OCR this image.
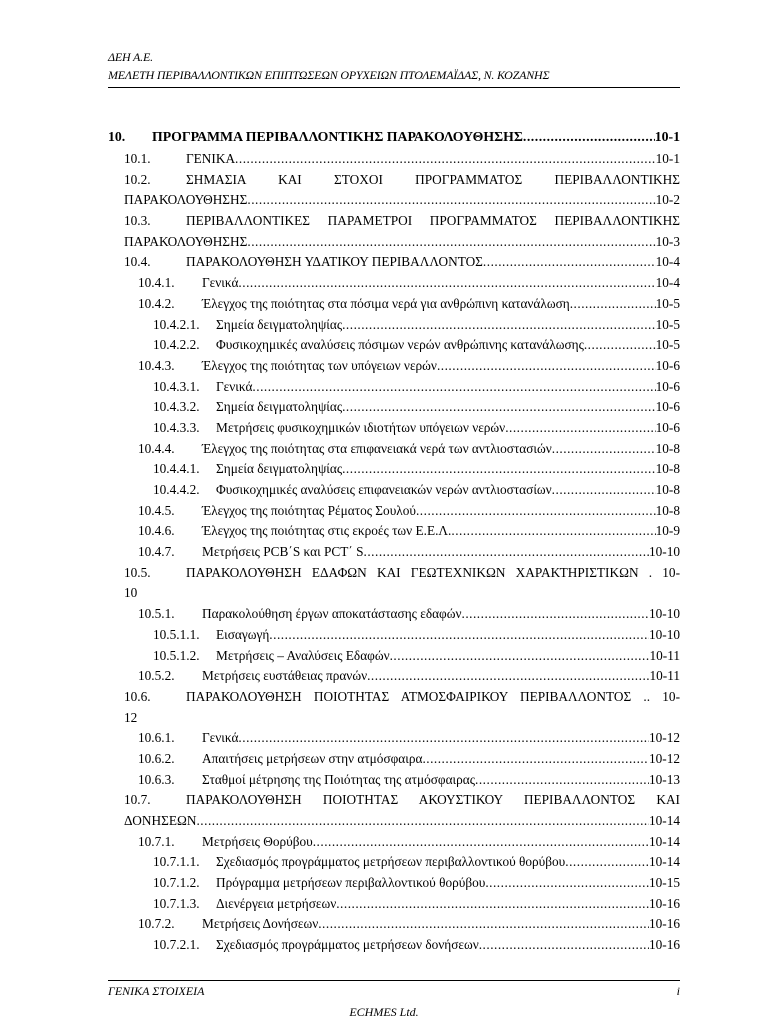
ΔΕΗ Α.Ε.
ΜΕΛΕΤΗ ΠΕΡΙΒΑΛΛΟΝΤΙΚΩΝ ΕΠΙΠΤΩΣΕΩΝ ΟΡΥΧΕΙΩΝ ΠΤΟΛΕΜΑΪΔΑΣ, Ν. ΚΟΖΑΝΗΣ
10. ΠΡΟΓΡΑΜΜΑ ΠΕΡΙΒΑΛΛΟΝΤΙΚΗΣ ΠΑΡΑΚΟΛΟΥΘΗΣΗΣ .....	10-1
10.1.	ΓΕΝΙΚΑ .....	10-1
10.2.	ΣΗΜΑΣΙΑ ΚΑΙ ΣΤΟΧΟΙ ΠΡΟΓΡΑΜΜΑΤΟΣ ΠΕΡΙΒΑΛΛΟΝΤΙΚΗΣ
ΠΑΡΑΚΟΛΟΥΘΗΣΗΣ .....	10-2
10.3.	ΠΕΡΙΒΑΛΛΟΝΤΙΚΕΣ ΠΑΡΑΜΕΤΡΟΙ ΠΡΟΓΡΑΜΜΑΤΟΣ ΠΕΡΙΒΑΛΛΟΝΤΙΚΗΣ
ΠΑΡΑΚΟΛΟΥΘΗΣΗΣ .....	10-3
10.4.	ΠΑΡΑΚΟΛΟΥΘΗΣΗ ΥΔΑΤΙΚΟΥ ΠΕΡΙΒΑΛΛΟΝΤΟΣ .....	10-4
10.4.1. Γενικά .....	10-4
10.4.2. Έλεγχος της ποιότητας στα πόσιμα νερά για ανθρώπινη κατανάλωση .....	10-5
10.4.2.1. Σημεία δειγματοληψίας .....	10-5
10.4.2.2. Φυσικοχημικές αναλύσεις πόσιμων νερών ανθρώπινης κατανάλωσης .....	10-5
10.4.3. Έλεγχος της ποιότητας των υπόγειων νερών .....	10-6
10.4.3.1. Γενικά .....	10-6
10.4.3.2. Σημεία δειγματοληψίας .....	10-6
10.4.3.3. Μετρήσεις φυσικοχημικών ιδιοτήτων υπόγειων νερών .....	10-6
10.4.4. Έλεγχος της ποιότητας στα επιφανειακά νερά των αντλιοστασιών .....	10-8
10.4.4.1. Σημεία δειγματοληψίας .....	10-8
10.4.4.2. Φυσικοχημικές αναλύσεις επιφανειακών νερών αντλιοστασίων .....	10-8
10.4.5. Έλεγχος της ποιότητας Ρέματος Σουλού .....	10-8
10.4.6. Έλεγχος της ποιότητας στις εκροές των Ε.Ε.Λ. .....	10-9
10.4.7. Μετρήσεις PCB΄S και PCT΄ S .....	10-10
10.5.	ΠΑΡΑΚΟΛΟΥΘΗΣΗ ΕΔΑΦΩΝ ΚΑΙ ΓΕΩΤΕΧΝΙΚΩΝ ΧΑΡΑΚΤΗΡΙΣΤΙΚΩΝ . 10-
10
10.5.1. Παρακολούθηση έργων αποκατάστασης εδαφών .....	10-10
10.5.1.1. Εισαγωγή .....	10-10
10.5.1.2. Μετρήσεις – Αναλύσεις Εδαφών .....	10-11
10.5.2. Μετρήσεις ευστάθειας πρανών .....	10-11
10.6.	ΠΑΡΑΚΟΛΟΥΘΗΣΗ ΠΟΙΟΤΗΤΑΣ ΑΤΜΟΣΦΑΙΡΙΚΟΥ ΠΕΡΙΒΑΛΛΟΝΤΟΣ .. 10-
12
10.6.1. Γενικά .....	10-12
10.6.2. Απαιτήσεις μετρήσεων στην ατμόσφαιρα .....	10-12
10.6.3. Σταθμοί μέτρησης της Ποιότητας της ατμόσφαιρας .....	10-13
10.7.	ΠΑΡΑΚΟΛΟΥΘΗΣΗ ΠΟΙΟΤΗΤΑΣ ΑΚΟΥΣΤΙΚΟΥ ΠΕΡΙΒΑΛΛΟΝΤΟΣ ΚΑΙ
ΔΟΝΗΣΕΩΝ .....	10-14
10.7.1. Μετρήσεις Θορύβου .....	10-14
10.7.1.1. Σχεδιασμός προγράμματος μετρήσεων περιβαλλοντικού θορύβου .....	10-14
10.7.1.2. Πρόγραμμα μετρήσεων περιβαλλοντικού θορύβου .....	10-15
10.7.1.3. Διενέργεια μετρήσεων .....	10-16
10.7.2. Μετρήσεις Δονήσεων .....	10-16
10.7.2.1. Σχεδιασμός προγράμματος μετρήσεων δονήσεων .....	10-16
ΓΕΝΙΚΑ ΣΤΟΙΧΕΙΑ	i
ECHMES Ltd.
